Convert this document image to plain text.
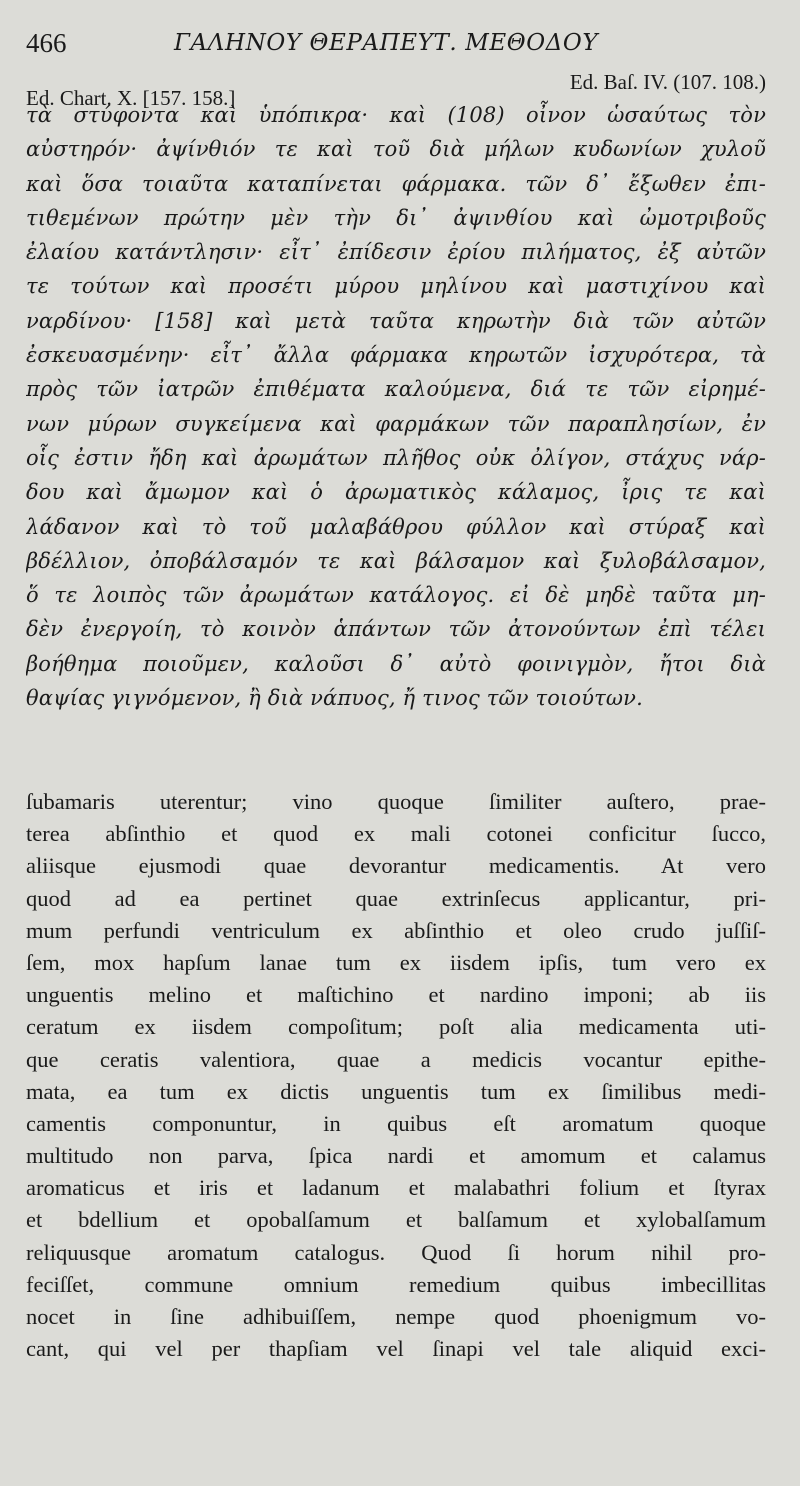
466	ΓΑΛΗΝΟΥ ΘΕΡΑΠΕΥΤ. ΜΕΘΟΔΟΥ
Ed. Chart. X. [157. 158.]
Ed. Baſ. IV. (107. 108.)
τὰ στύφοντα καὶ ὑπόπικρα· καὶ (108) οἶνον ὡσαύτως τὸν
αὐστηρόν· ἀψίνθιόν τε καὶ τοῦ διὰ μήλων κυδωνίων χυλοῦ
καὶ ὅσα τοιαῦτα καταπίνεται φάρμακα. τῶν δ᾽ ἔξωθεν ἐπι-
τιθεμένων πρώτην μὲν τὴν δι᾽ ἀψινθίου καὶ ὠμοτριβοῦς
ἐλαίου κατάντλησιν· εἶτ᾽ ἐπίδεσιν ἐρίου πιλήματος, ἐξ αὐτῶν
τε τούτων καὶ προσέτι μύρου μηλίνου καὶ μαστιχίνου καὶ
ναρδίνου· [158] καὶ μετὰ ταῦτα κηρωτὴν διὰ τῶν αὐτῶν
ἐσκευασμένην· εἶτ᾽ ἄλλα φάρμακα κηρωτῶν ἰσχυρότερα, τὰ
πρὸς τῶν ἰατρῶν ἐπιθέματα καλούμενα, διά τε τῶν εἰρημέ-
νων μύρων συγκείμενα καὶ φαρμάκων τῶν παραπλησίων, ἐν
οἷς ἐστιν ἤδη καὶ ἀρωμάτων πλῆθος οὐκ ὀλίγον, στάχυς νάρ-
δου καὶ ἄμωμον καὶ ὁ ἀρωματικὸς κάλαμος, ἶρις τε καὶ
λάδανον καὶ τὸ τοῦ μαλαβάθρου φύλλον καὶ στύραξ καὶ
βδέλλιον, ὀποβάλσαμόν τε καὶ βάλσαμον καὶ ξυλοβάλσαμον,
ὅ τε λοιπὸς τῶν ἀρωμάτων κατάλογος. εἰ δὲ μηδὲ ταῦτα μη-
δὲν ἐνεργοίη, τὸ κοινὸν ἁπάντων τῶν ἀτονούντων ἐπὶ τέλει
βοήθημα ποιοῦμεν, καλοῦσι δ᾽ αὐτὸ φοινιγμὸν, ἤτοι διὰ
θαψίας γιγνόμενον, ἢ διὰ νάπυος, ἤ τινος τῶν τοιούτων.
ſubamaris uterentur; vino quoque ſimiliter auſtero, prae-
terea abſinthio et quod ex mali cotonei conficitur ſucco,
aliisque ejusmodi quae devorantur medicamentis. At vero
quod ad ea pertinet quae extrinſecus applicantur, pri-
mum perfundi ventriculum ex abſinthio et oleo crudo juſſiſ-
ſem, mox hapſum lanae tum ex iisdem ipſis, tum vero ex
unguentis melino et maſtichino et nardino imponi; ab iis
ceratum ex iisdem compoſitum; poſt alia medicamenta uti-
que ceratis valentiora, quae a medicis vocantur epithe-
mata, ea tum ex dictis unguentis tum ex ſimilibus medi-
camentis componuntur, in quibus eſt aromatum quoque
multitudo non parva, ſpica nardi et amomum et calamus
aromaticus et iris et ladanum et malabathri folium et ſtyrax
et bdellium et opobalſamum et balſamum et xylobalſamum
reliquusque aromatum catalogus. Quod ſi horum nihil pro-
feciſſet, commune omnium remedium quibus imbecillitas
nocet in ſine adhibuiſſem, nempe quod phoenigmum vo-
cant, qui vel per thapſiam vel ſinapi vel tale aliquid exci-
